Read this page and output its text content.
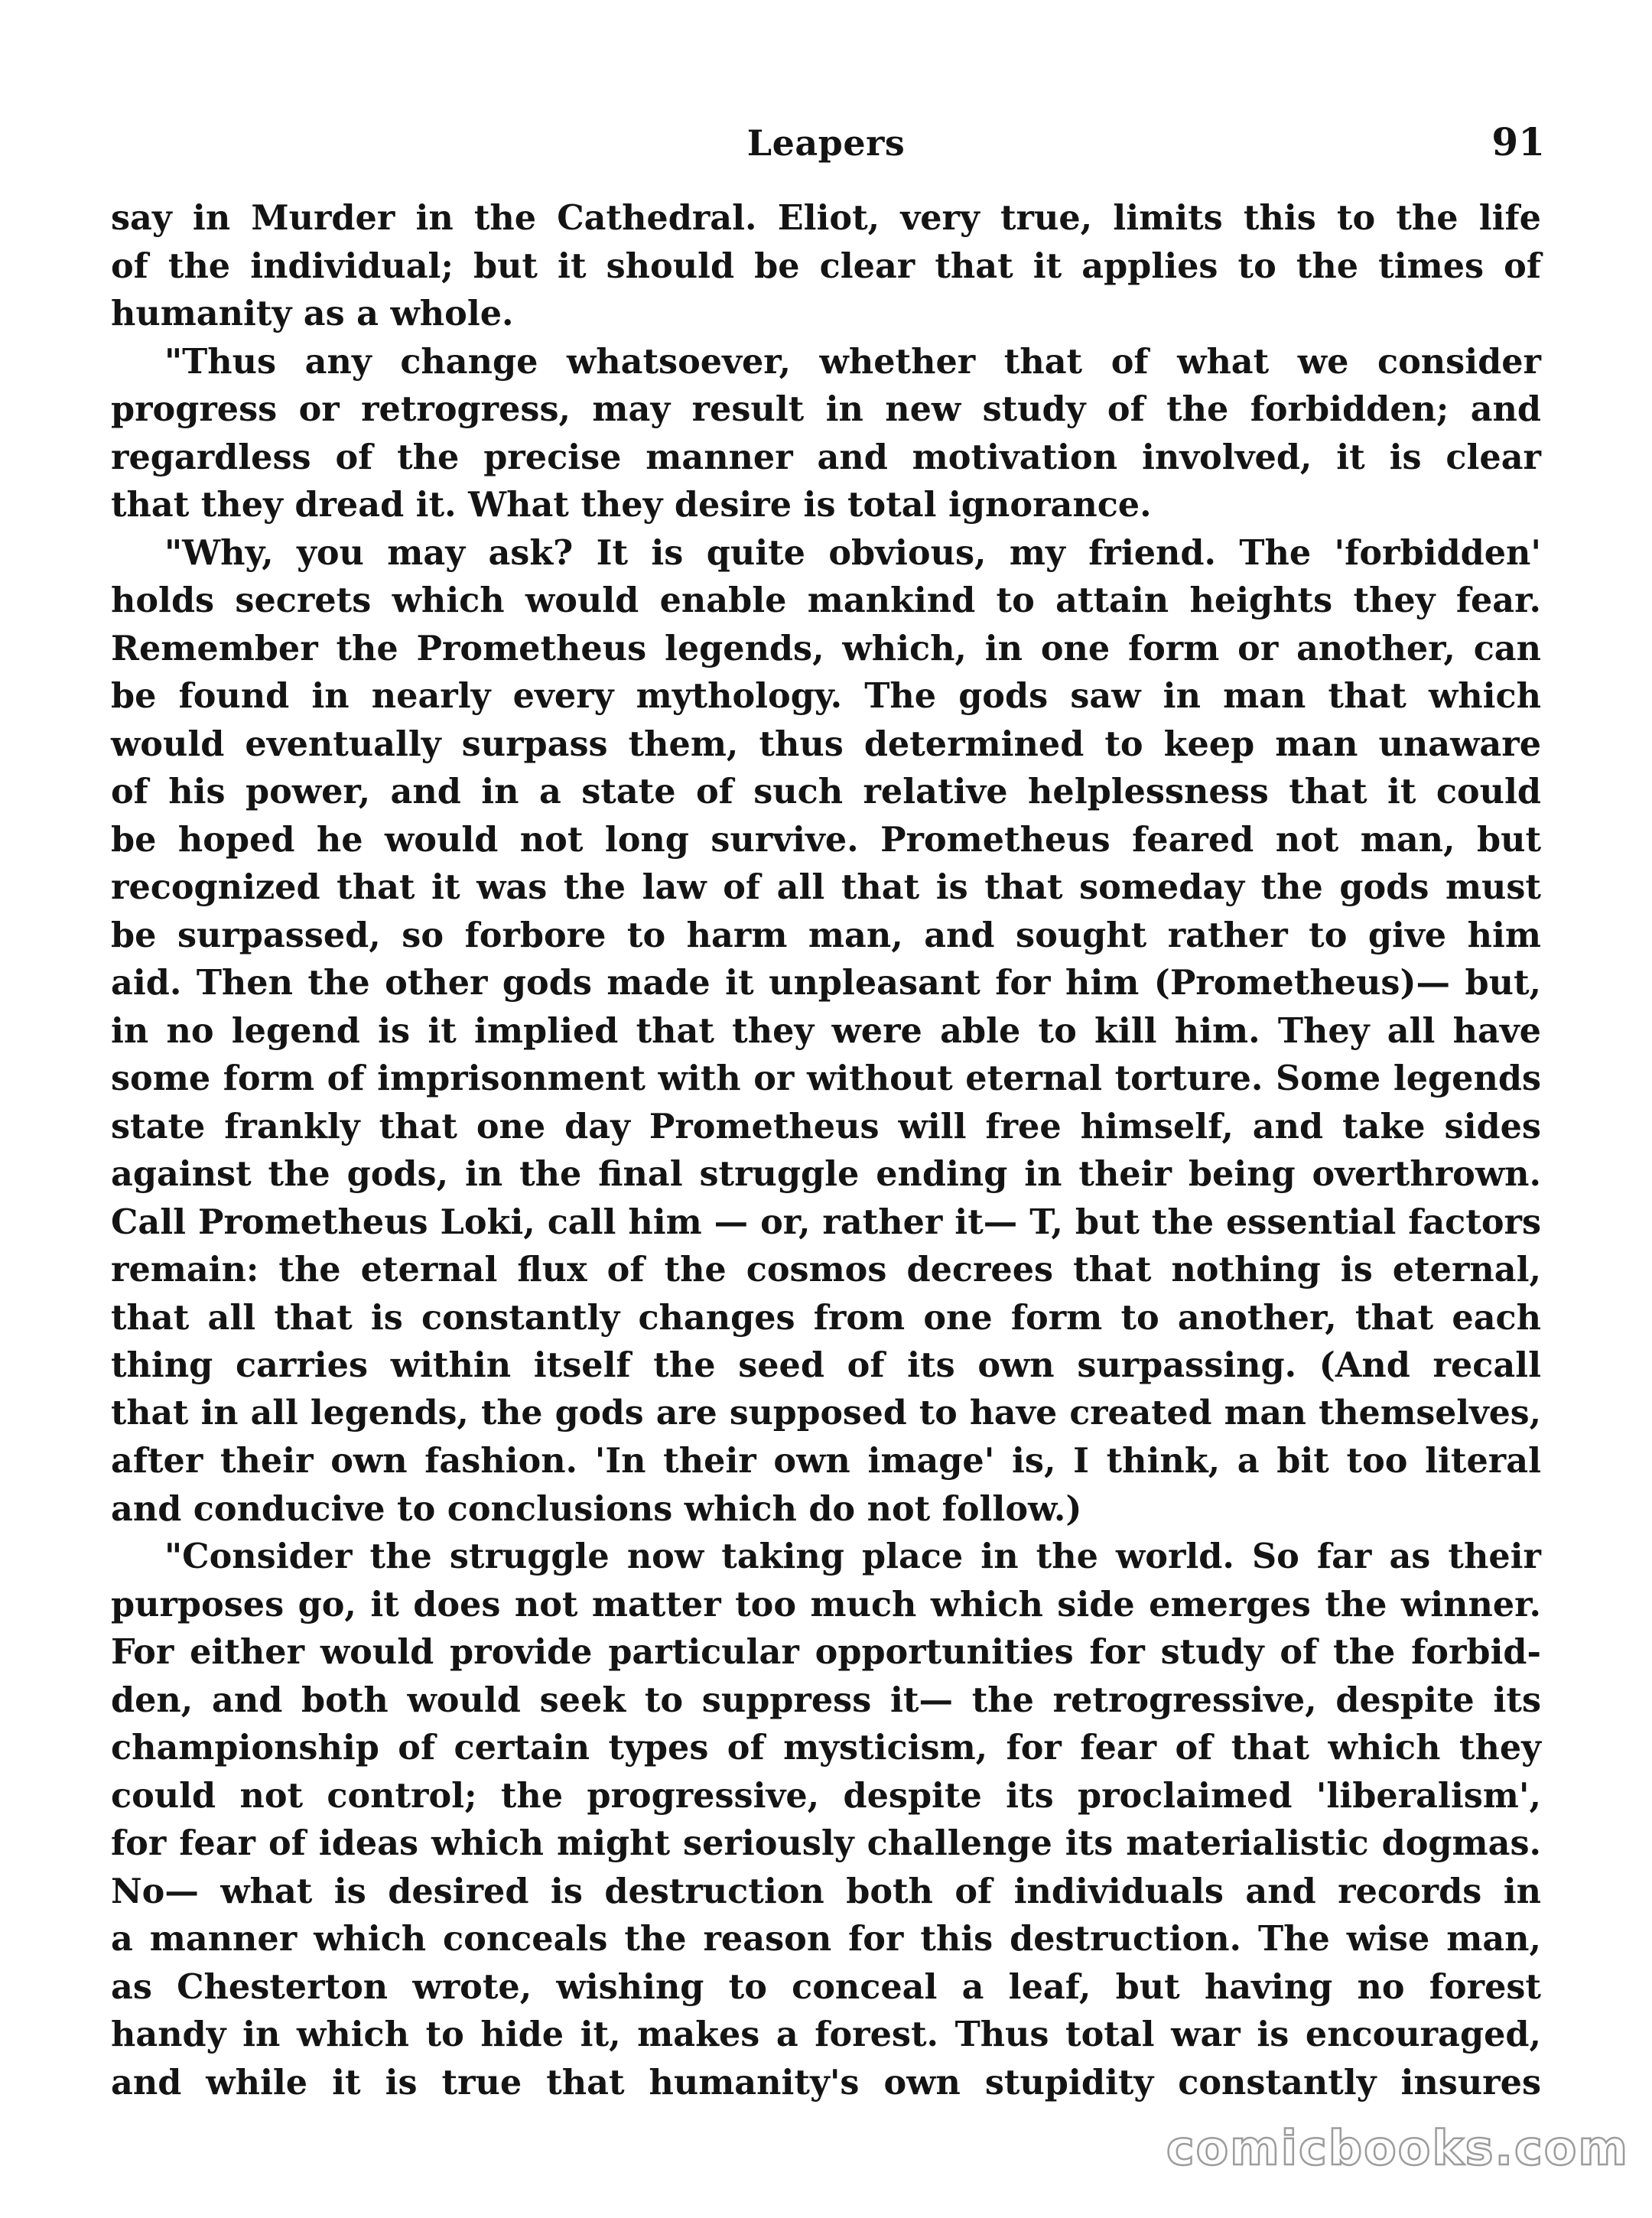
Leapers	91
say in Murder in the Cathedral. Eliot, very true, limits this to the life
of the individual; but it should be clear that it applies to the times of
humanity as a whole.
"Thus any change whatsoever, whether that of what we consider
progress or retrogress, may result in new study of the forbidden; and
regardless of the precise manner and motivation involved, it is clear
that they dread it. What they desire is total ignorance.
"Why, you may ask? It is quite obvious, my friend. The 'forbidden'
holds secrets which would enable mankind to attain heights they fear.
Remember the Prometheus legends, which, in one form or another, can
be found in nearly every mythology. The gods saw in man that which
would eventually surpass them, thus determined to keep man unaware
of his power, and in a state of such relative helplessness that it could
be hoped he would not long survive. Prometheus feared not man, but
recognized that it was the law of all that is that someday the gods must
be surpassed, so forbore to harm man, and sought rather to give him
aid. Then the other gods made it unpleasant for him (Prometheus)— but,
in no legend is it implied that they were able to kill him. They all have
some form of imprisonment with or without eternal torture. Some legends
state frankly that one day Prometheus will free himself, and take sides
against the gods, in the final struggle ending in their being overthrown.
Call Prometheus Loki, call him — or, rather it— T, but the essential factors
remain: the eternal flux of the cosmos decrees that nothing is eternal,
that all that is constantly changes from one form to another, that each
thing carries within itself the seed of its own surpassing. (And recall
that in all legends, the gods are supposed to have created man themselves,
after their own fashion. 'In their own image' is, I think, a bit too literal
and conducive to conclusions which do not follow.)
"Consider the struggle now taking place in the world. So far as their
purposes go, it does not matter too much which side emerges the winner.
For either would provide particular opportunities for study of the forbid-
den, and both would seek to suppress it— the retrogressive, despite its
championship of certain types of mysticism, for fear of that which they
could not control; the progressive, despite its proclaimed 'liberalism',
for fear of ideas which might seriously challenge its materialistic dogmas.
No— what is desired is destruction both of individuals and records in
a manner which conceals the reason for this destruction. The wise man,
as Chesterton wrote, wishing to conceal a leaf, but having no forest
handy in which to hide it, makes a forest. Thus total war is encouraged,
and while it is true that humanity's own stupidity constantly insures
comicbooks.com
